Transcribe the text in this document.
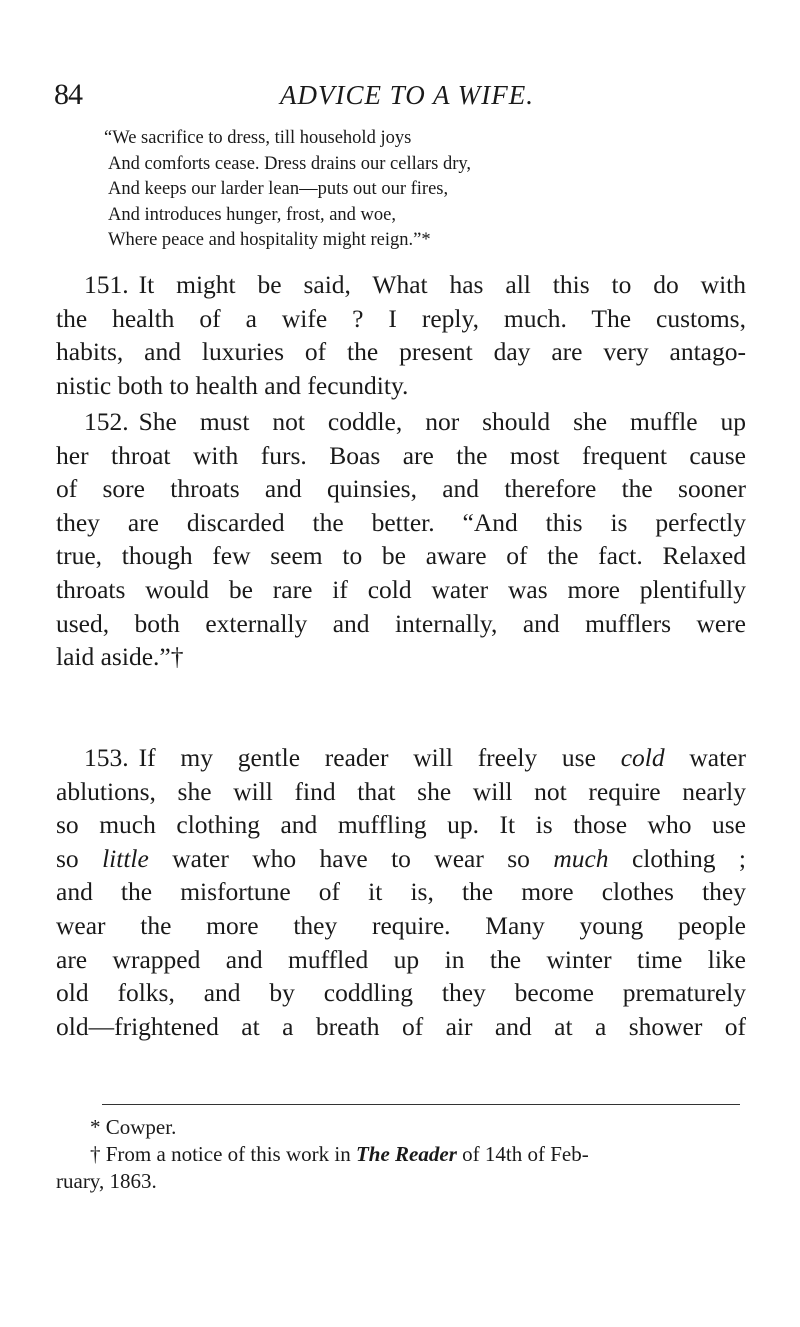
84	ADVICE TO A WIFE.
“We sacrifice to dress, till household joys
And comforts cease. Dress drains our cellars dry,
And keeps our larder lean—puts out our fires,
And introduces hunger, frost, and woe,
Where peace and hospitality might reign.”*
151. It might be said, What has all this to do with
the health of a wife ? I reply, much. The customs,
habits, and luxuries of the present day are very antago-
nistic both to health and fecundity.
152. She must not coddle, nor should she muffle up
her throat with furs. Boas are the most frequent cause
of sore throats and quinsies, and therefore the sooner
they are discarded the better. “And this is perfectly
true, though few seem to be aware of the fact. Relaxed
throats would be rare if cold water was more plentifully
used, both externally and internally, and mufflers were
laid aside.”†
153. If my gentle reader will freely use cold water
ablutions, she will find that she will not require nearly
so much clothing and muffling up. It is those who use
so little water who have to wear so much clothing ;
and the misfortune of it is, the more clothes they
wear the more they require. Many young people
are wrapped and muffled up in the winter time like
old folks, and by coddling they become prematurely
old—frightened at a breath of air and at a shower of
* Cowper.
† From a notice of this work in The Reader of 14th of Feb-
ruary, 1863.
